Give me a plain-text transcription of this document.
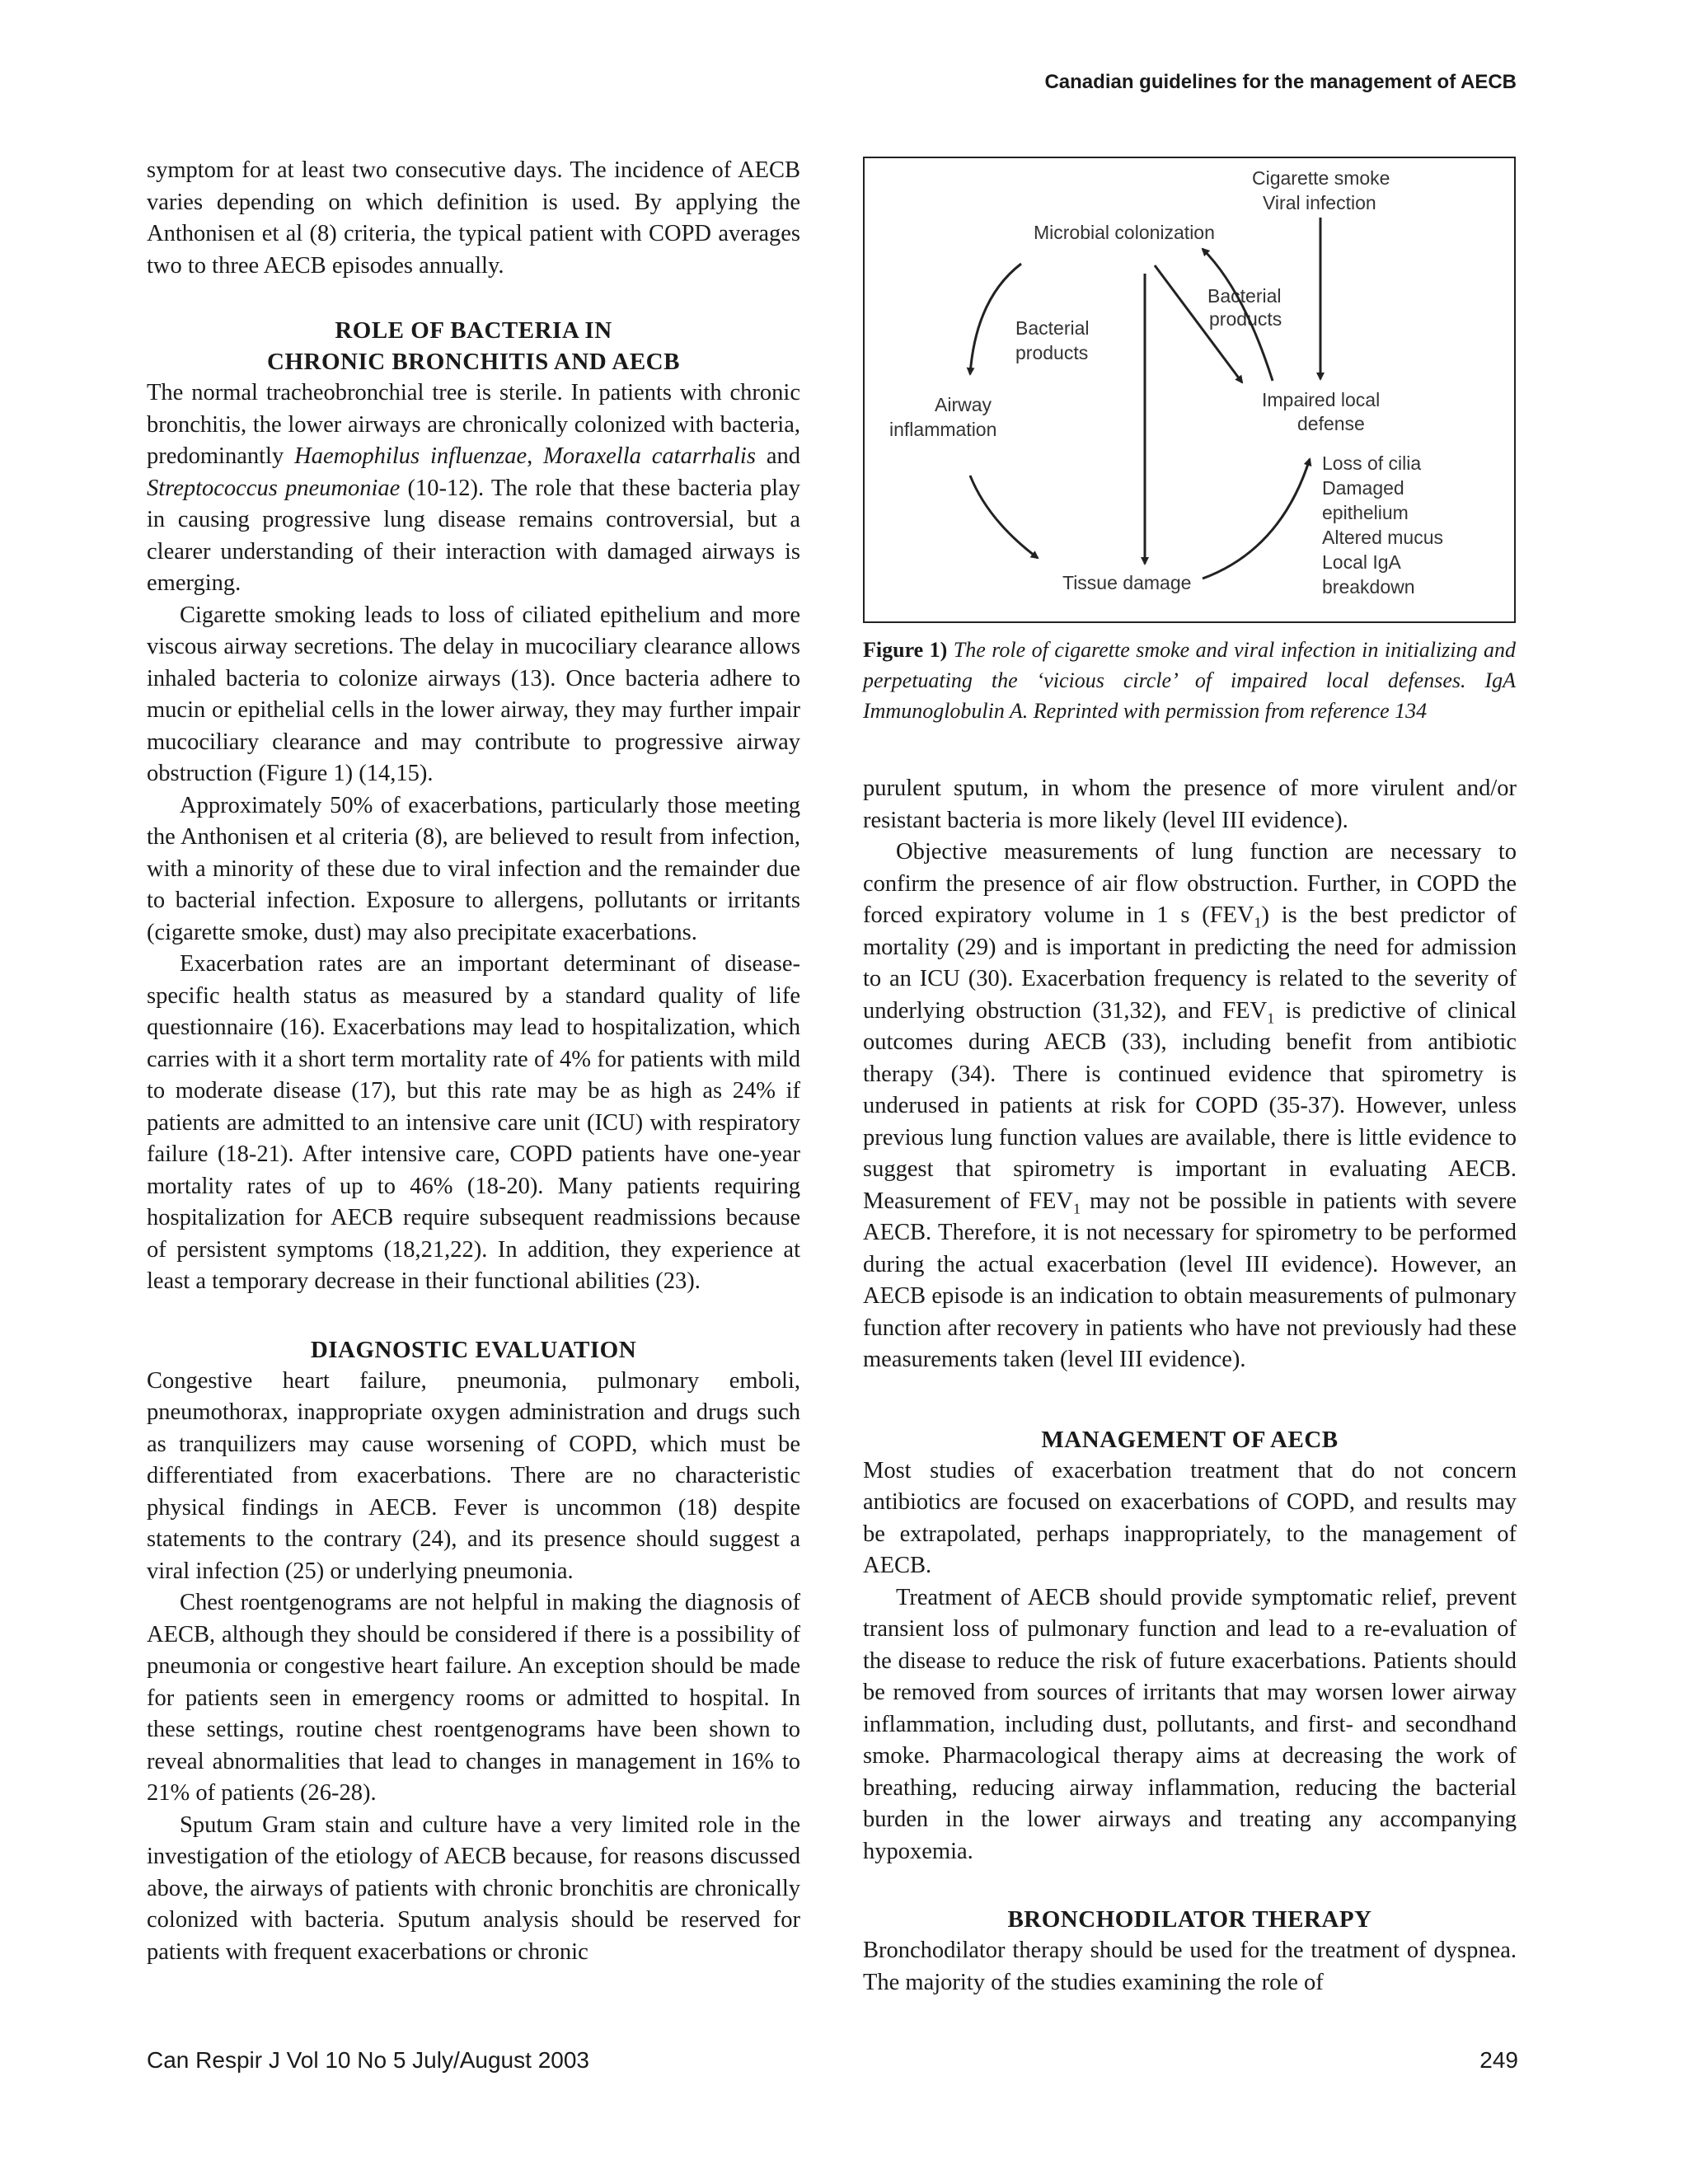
Canadian guidelines for the management of AECB

symptom for at least two consecutive days. The incidence of AECB varies depending on which definition is used. By applying the Anthonisen et al (8) criteria, the typical patient with COPD averages two to three AECB episodes annually.

ROLE OF BACTERIA IN
CHRONIC BRONCHITIS AND AECB

The normal tracheobronchial tree is sterile. In patients with chronic bronchitis, the lower airways are chronically colonized with bacteria, predominantly Haemophilus influenzae, Moraxella catarrhalis and Streptococcus pneumoniae (10-12). The role that these bacteria play in causing progressive lung disease remains controversial, but a clearer understanding of their interaction with damaged airways is emerging.

Cigarette smoking leads to loss of ciliated epithelium and more viscous airway secretions. The delay in mucociliary clearance allows inhaled bacteria to colonize airways (13). Once bacteria adhere to mucin or epithelial cells in the lower airway, they may further impair mucociliary clearance and may contribute to progressive airway obstruction (Figure 1) (14,15).

Approximately 50% of exacerbations, particularly those meeting the Anthonisen et al criteria (8), are believed to result from infection, with a minority of these due to viral infection and the remainder due to bacterial infection. Exposure to allergens, pollutants or irritants (cigarette smoke, dust) may also precipitate exacerbations.

Exacerbation rates are an important determinant of disease-specific health status as measured by a standard quality of life questionnaire (16). Exacerbations may lead to hospitalization, which carries with it a short term mortality rate of 4% for patients with mild to moderate disease (17), but this rate may be as high as 24% if patients are admitted to an intensive care unit (ICU) with respiratory failure (18-21). After intensive care, COPD patients have one-year mortality rates of up to 46% (18-20). Many patients requiring hospitalization for AECB require subsequent readmissions because of persistent symptoms (18,21,22). In addition, they experience at least a temporary decrease in their functional abilities (23).

DIAGNOSTIC EVALUATION

Congestive heart failure, pneumonia, pulmonary emboli, pneumothorax, inappropriate oxygen administration and drugs such as tranquilizers may cause worsening of COPD, which must be differentiated from exacerbations. There are no characteristic physical findings in AECB. Fever is uncommon (18) despite statements to the contrary (24), and its presence should suggest a viral infection (25) or underlying pneumonia.

Chest roentgenograms are not helpful in making the diagnosis of AECB, although they should be considered if there is a possibility of pneumonia or congestive heart failure. An exception should be made for patients seen in emergency rooms or admitted to hospital. In these settings, routine chest roentgenograms have been shown to reveal abnormalities that lead to changes in management in 16% to 21% of patients (26-28).

Sputum Gram stain and culture have a very limited role in the investigation of the etiology of AECB because, for reasons discussed above, the airways of patients with chronic bronchitis are chronically colonized with bacteria. Sputum analysis should be reserved for patients with frequent exacerbations or chronic

Cigarette smoke
Viral infection
Microbial colonization
Bacterial
products
Bacterial
products
Airway
inflammation
Impaired local
defense
Loss of cilia
Damaged
epithelium
Altered mucus
Local IgA
breakdown
Tissue damage
Figure 1) The role of cigarette smoke and viral infection in initializing and perpetuating the ‘vicious circle’ of impaired local defenses. IgA Immunoglobulin A. Reprinted with permission from reference 134

purulent sputum, in whom the presence of more virulent and/or resistant bacteria is more likely (level III evidence).

Objective measurements of lung function are necessary to confirm the presence of air flow obstruction. Further, in COPD the forced expiratory volume in 1 s $(FEV_1)$ is the best predictor of mortality (29) and is important in predicting the need for admission to an ICU (30). Exacerbation frequency is related to the severity of underlying obstruction (31,32), and $FEV_1$ is predictive of clinical outcomes during AECB (33), including benefit from antibiotic therapy (34). There is continued evidence that spirometry is underused in patients at risk for COPD (35-37). However, unless previous lung function values are available, there is little evidence to suggest that spirometry is important in evaluating AECB. Measurement of $FEV_1$ may not be possible in patients with severe AECB. Therefore, it is not necessary for spirometry to be performed during the actual exacerbation (level III evidence). However, an AECB episode is an indication to obtain measurements of pulmonary function after recovery in patients who have not previously had these measurements taken (level III evidence).

MANAGEMENT OF AECB

Most studies of exacerbation treatment that do not concern antibiotics are focused on exacerbations of COPD, and results may be extrapolated, perhaps inappropriately, to the management of AECB.

Treatment of AECB should provide symptomatic relief, prevent transient loss of pulmonary function and lead to a re-evaluation of the disease to reduce the risk of future exacerbations. Patients should be removed from sources of irritants that may worsen lower airway inflammation, including dust, pollutants, and first- and secondhand smoke. Pharmacological therapy aims at decreasing the work of breathing, reducing airway inflammation, reducing the bacterial burden in the lower airways and treating any accompanying hypoxemia.

BRONCHODILATOR THERAPY

Bronchodilator therapy should be used for the treatment of dyspnea. The majority of the studies examining the role of

Can Respir J Vol 10 No 5 July/August 2003	249
